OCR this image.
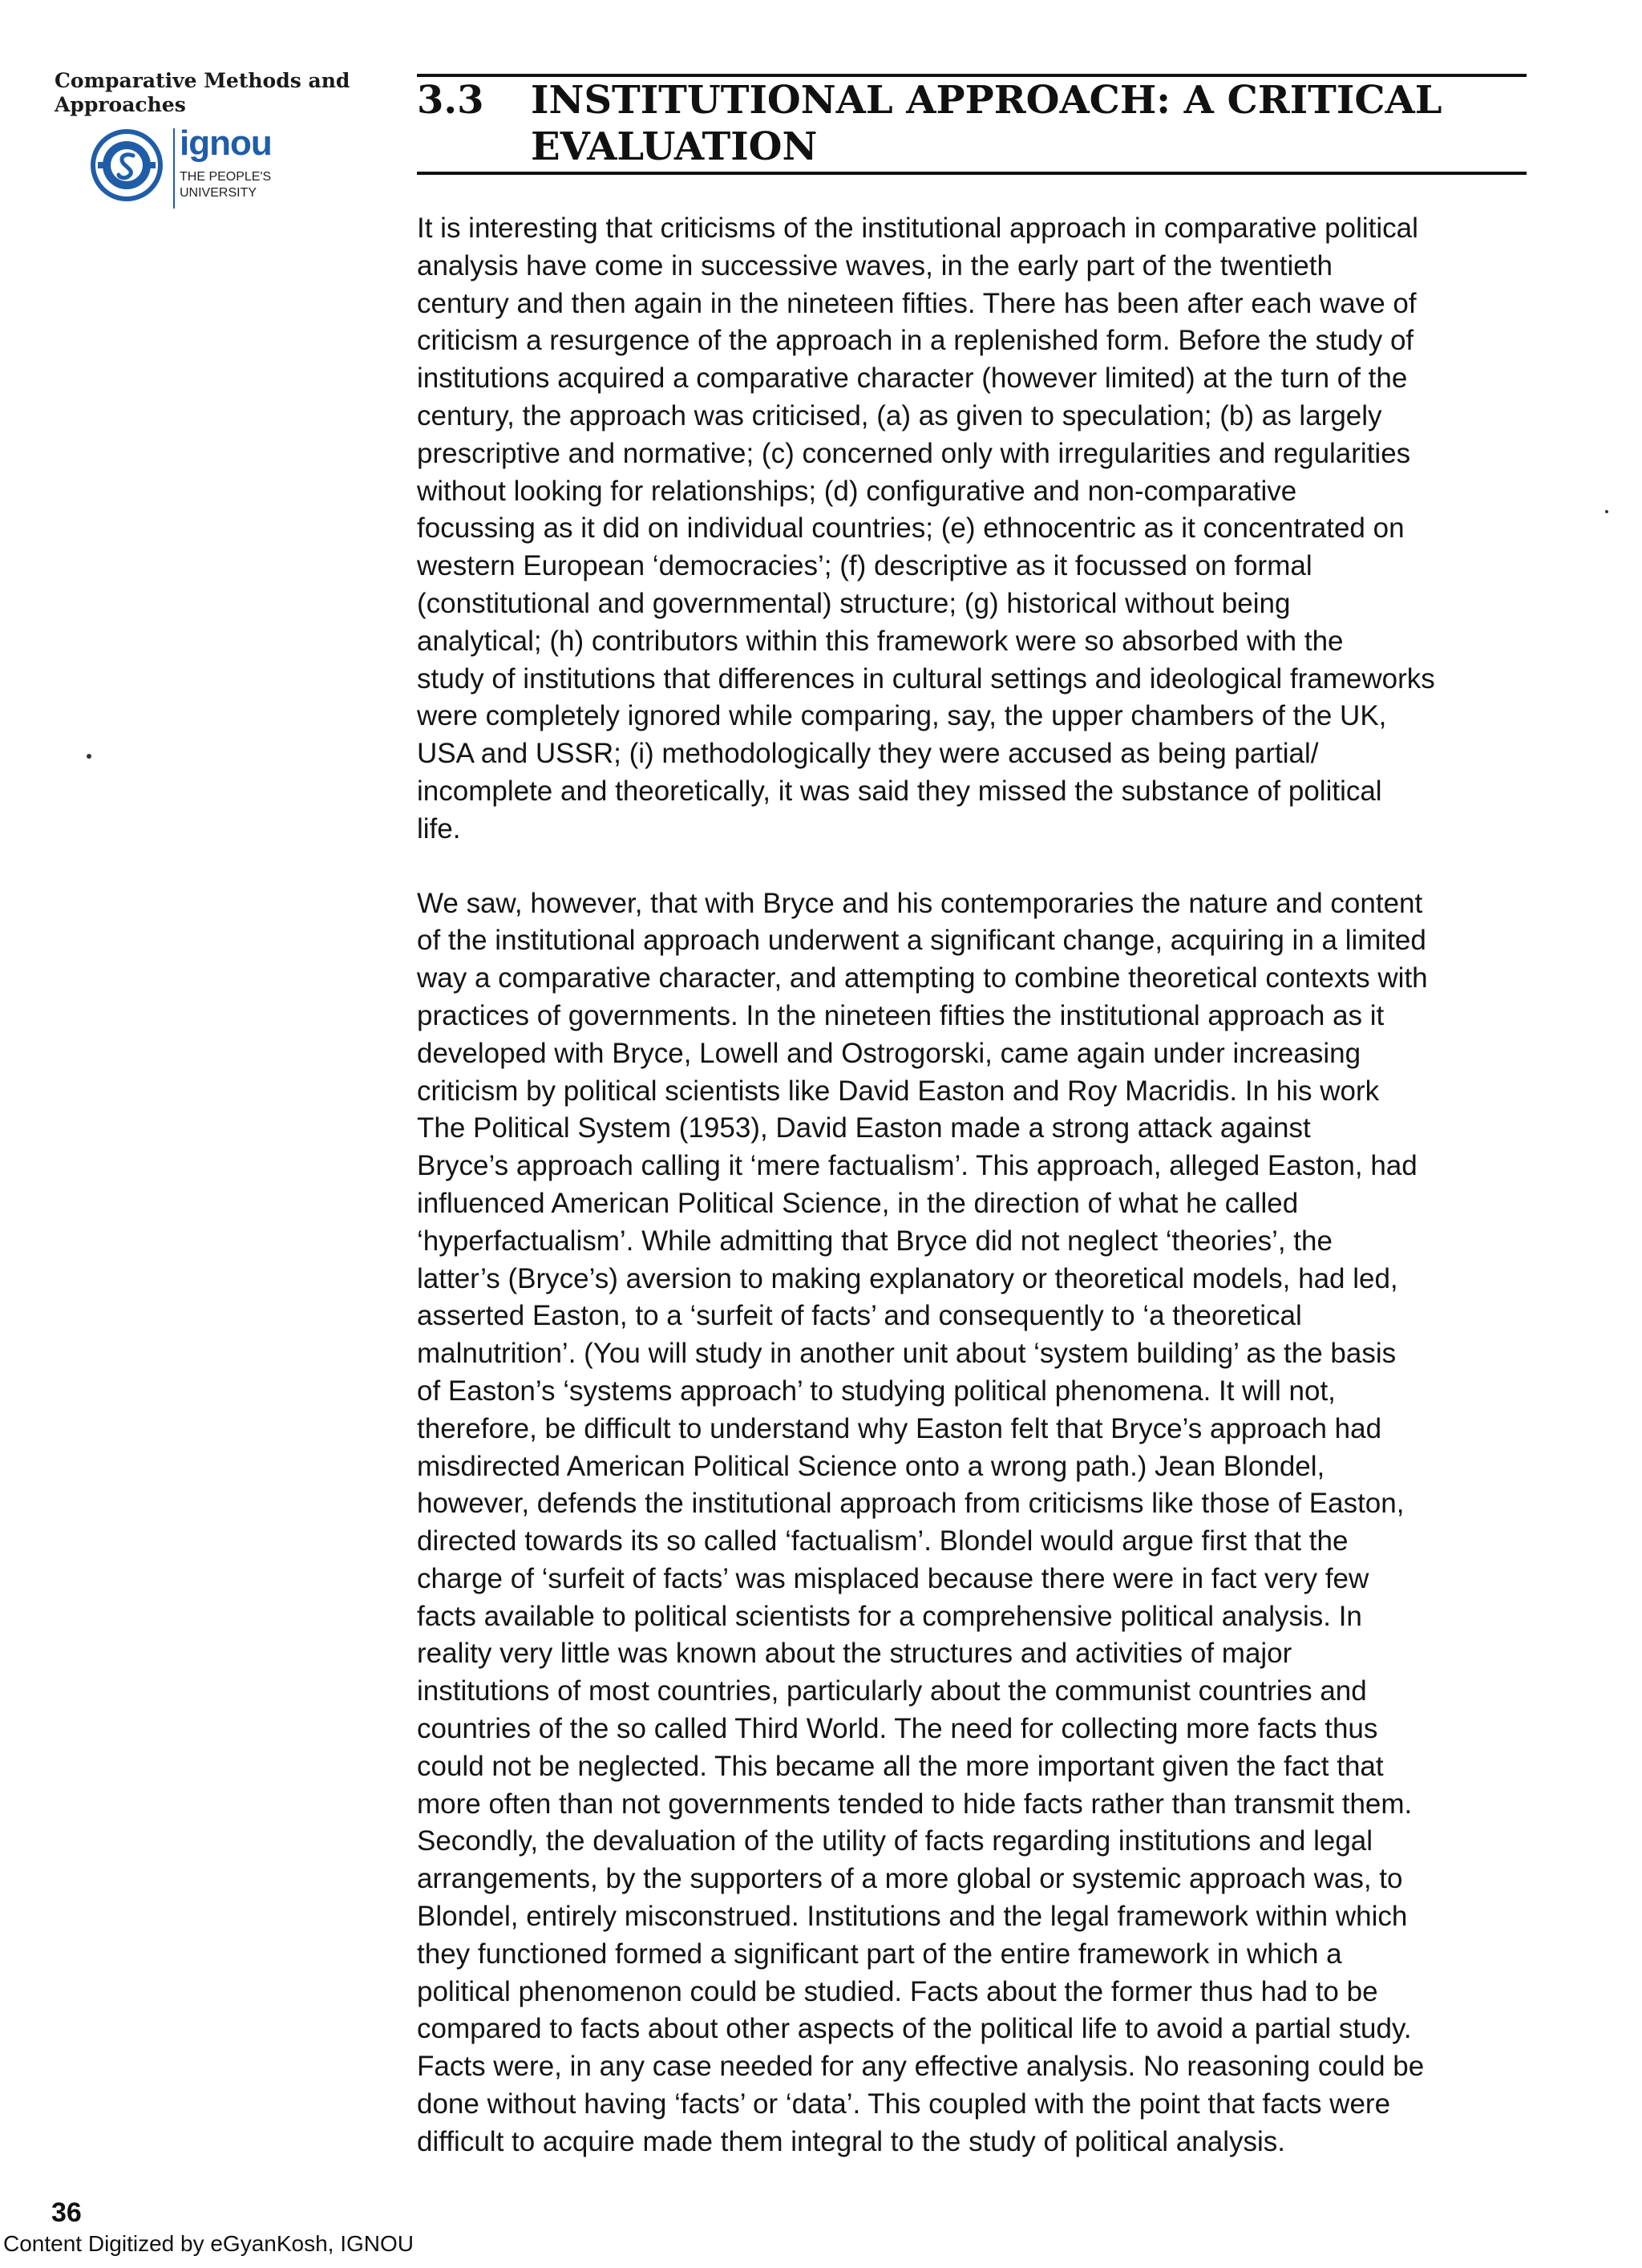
Comparative Methods and Approaches
ignou
THE PEOPLE'S
UNIVERSITY
3.3 INSTITUTIONAL APPROACH: A CRITICAL EVALUATION

It is interesting that criticisms of the institutional approach in comparative political
analysis have come in successive waves, in the early part of the twentieth
century and then again in the nineteen fifties. There has been after each wave of
criticism a resurgence of the approach in a replenished form. Before the study of
institutions acquired a comparative character (however limited) at the turn of the
century, the approach was criticised, (a) as given to speculation; (b) as largely
prescriptive and normative; (c) concerned only with irregularities and regularities
without looking for relationships; (d) configurative and non-comparative
focussing as it did on individual countries; (e) ethnocentric as it concentrated on
western European ‘democracies’; (f) descriptive as it focussed on formal
(constitutional and governmental) structure; (g) historical without being
analytical; (h) contributors within this framework were so absorbed with the
study of institutions that differences in cultural settings and ideological frameworks
were completely ignored while comparing, say, the upper chambers of the UK,
USA and USSR; (i) methodologically they were accused as being partial/
incomplete and theoretically, it was said they missed the substance of political
life.

We saw, however, that with Bryce and his contemporaries the nature and content
of the institutional approach underwent a significant change, acquiring in a limited
way a comparative character, and attempting to combine theoretical contexts with
practices of governments. In the nineteen fifties the institutional approach as it
developed with Bryce, Lowell and Ostrogorski, came again under increasing
criticism by political scientists like David Easton and Roy Macridis. In his work
The Political System (1953), David Easton made a strong attack against
Bryce’s approach calling it ‘mere factualism’. This approach, alleged Easton, had
influenced American Political Science, in the direction of what he called
‘hyperfactualism’. While admitting that Bryce did not neglect ‘theories’, the
latter’s (Bryce’s) aversion to making explanatory or theoretical models, had led,
asserted Easton, to a ‘surfeit of facts’ and consequently to ‘a theoretical
malnutrition’. (You will study in another unit about ‘system building’ as the basis
of Easton’s ‘systems approach’ to studying political phenomena. It will not,
therefore, be difficult to understand why Easton felt that Bryce’s approach had
misdirected American Political Science onto a wrong path.) Jean Blondel,
however, defends the institutional approach from criticisms like those of Easton,
directed towards its so called ‘factualism’. Blondel would argue first that the
charge of ‘surfeit of facts’ was misplaced because there were in fact very few
facts available to political scientists for a comprehensive political analysis. In
reality very little was known about the structures and activities of major
institutions of most countries, particularly about the communist countries and
countries of the so called Third World. The need for collecting more facts thus
could not be neglected. This became all the more important given the fact that
more often than not governments tended to hide facts rather than transmit them.
Secondly, the devaluation of the utility of facts regarding institutions and legal
arrangements, by the supporters of a more global or systemic approach was, to
Blondel, entirely misconstrued. Institutions and the legal framework within which
they functioned formed a significant part of the entire framework in which a
political phenomenon could be studied. Facts about the former thus had to be
compared to facts about other aspects of the political life to avoid a partial study.
Facts were, in any case needed for any effective analysis. No reasoning could be
done without having ‘facts’ or ‘data’. This coupled with the point that facts were
difficult to acquire made them integral to the study of political analysis.

36
Content Digitized by eGyanKosh, IGNOU
